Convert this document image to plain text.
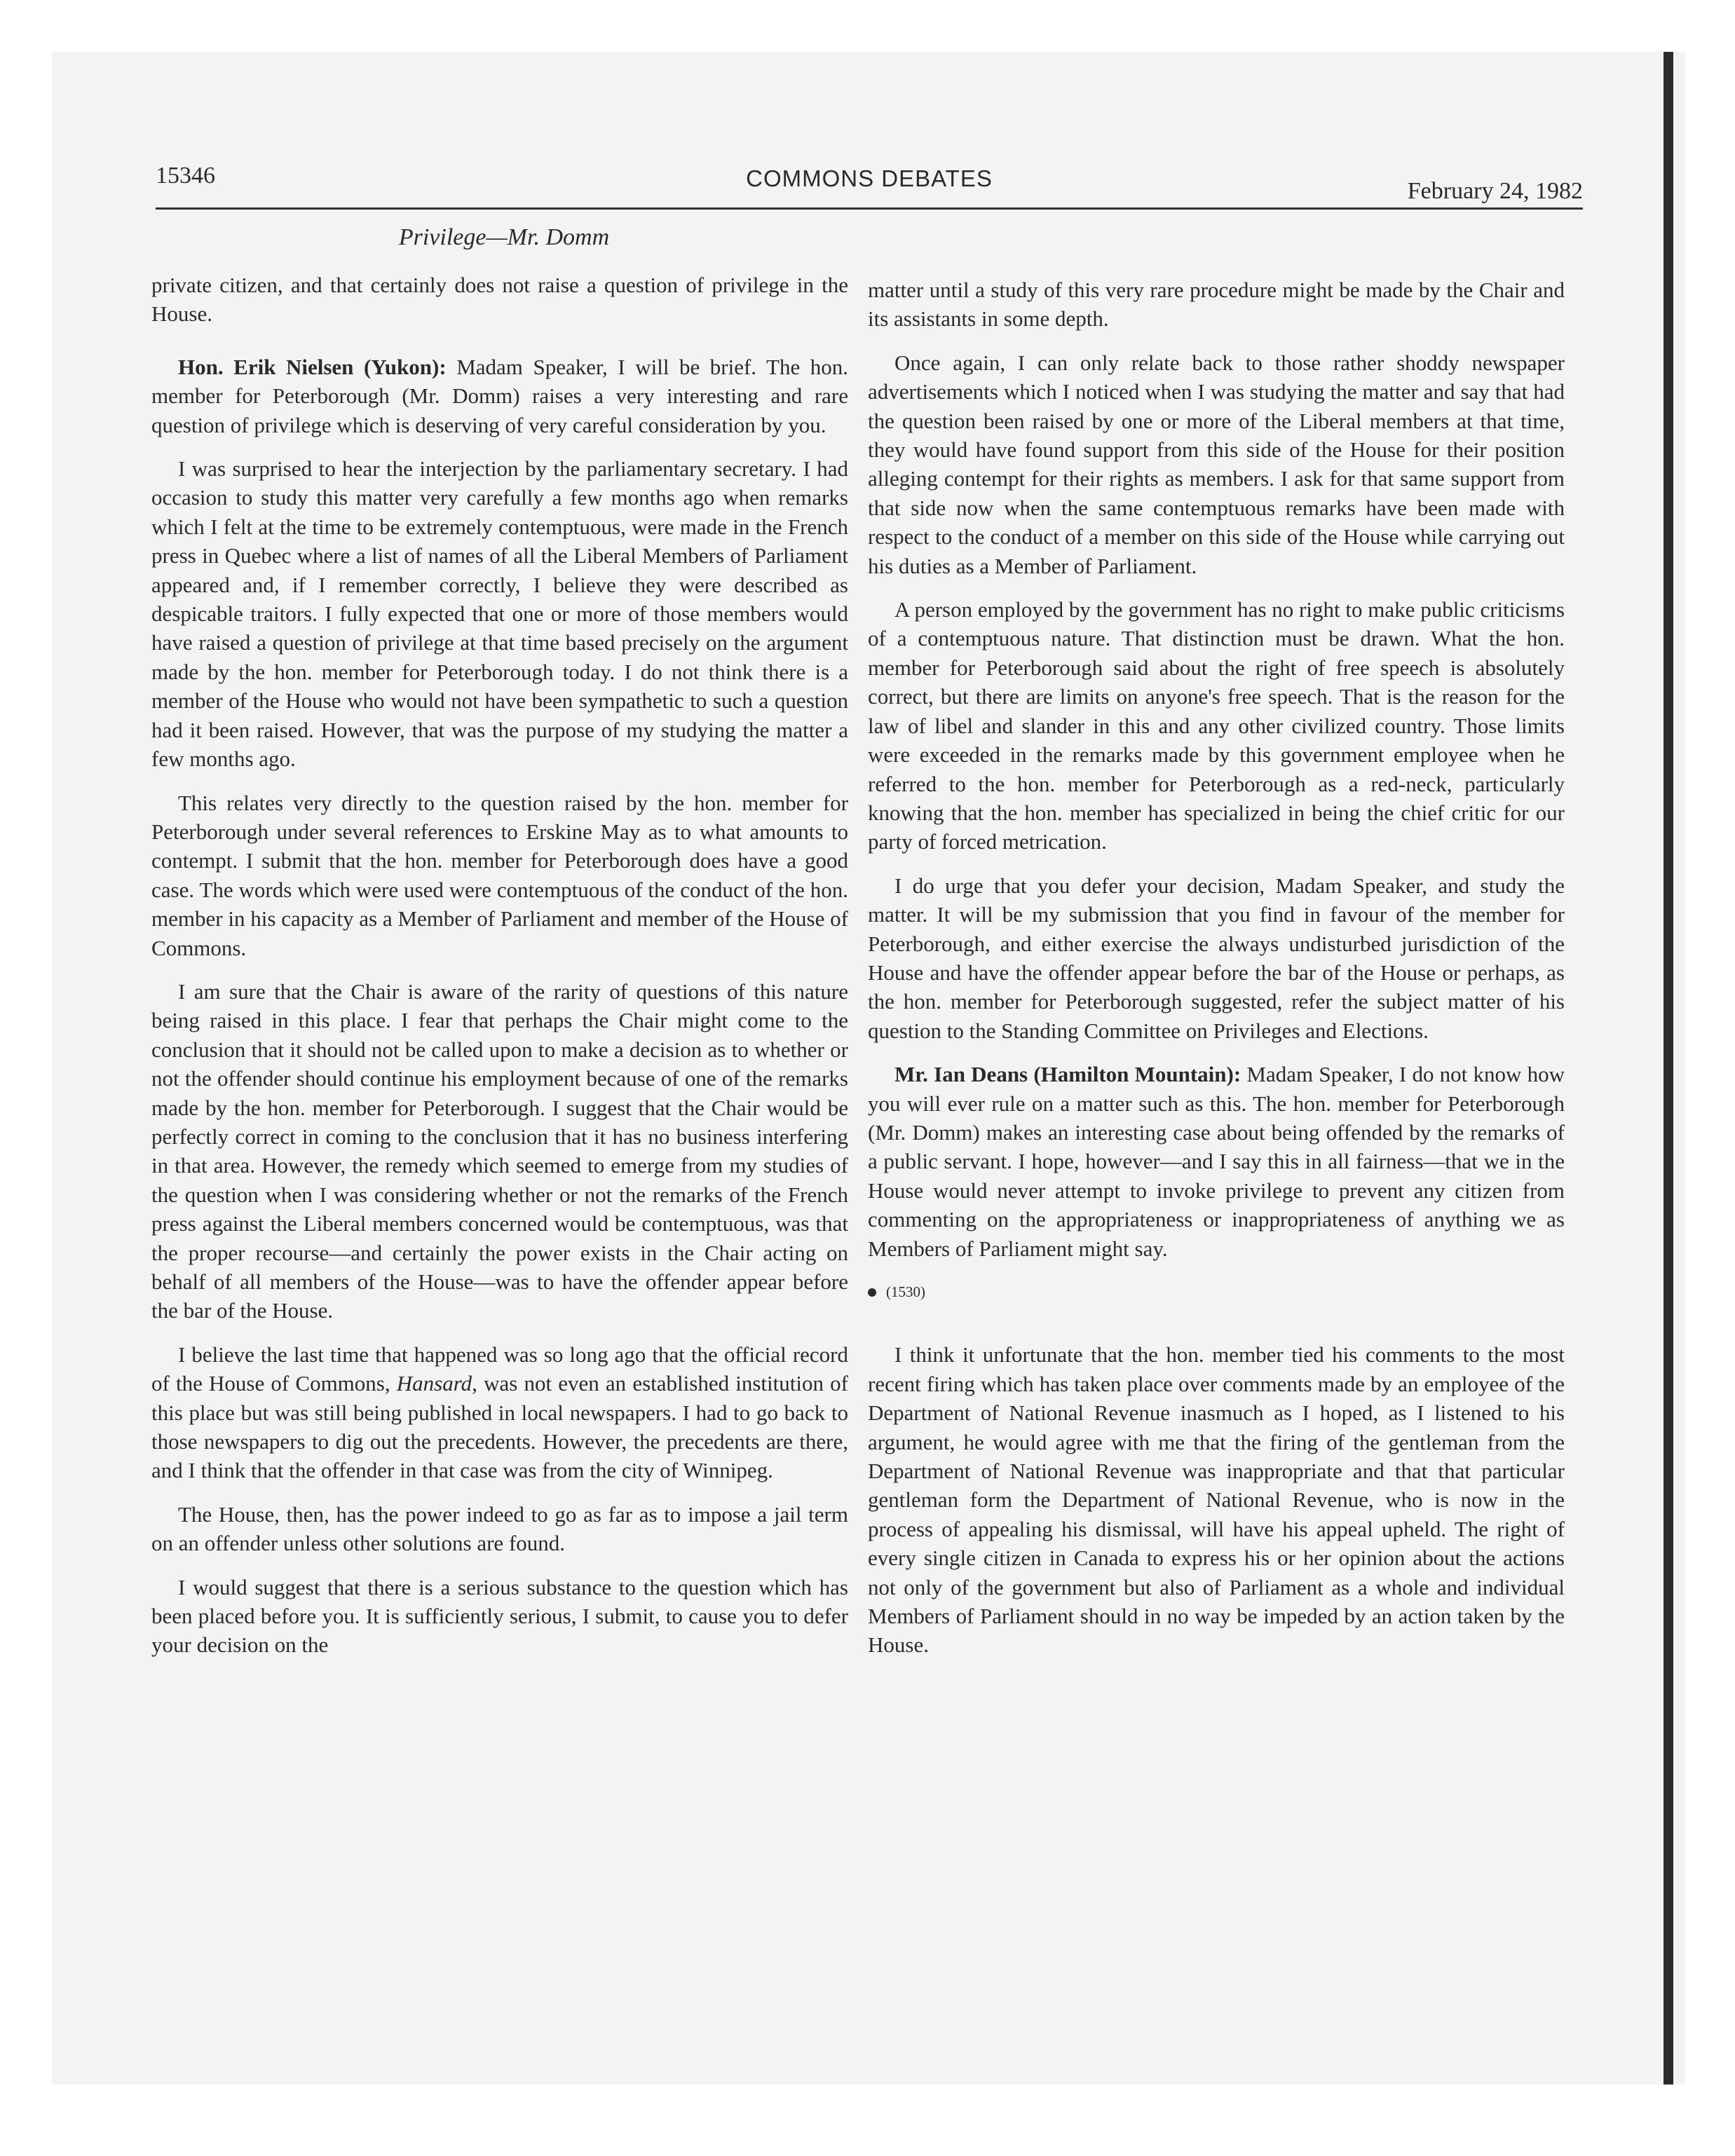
15346	COMMONS DEBATES	February 24, 1982
Privilege—Mr. Domm

private citizen, and that certainly does not raise a question of privilege in the House.

Hon. Erik Nielsen (Yukon): Madam Speaker, I will be brief. The hon. member for Peterborough (Mr. Domm) raises a very interesting and rare question of privilege which is deserving of very careful consideration by you.

I was surprised to hear the interjection by the parliamentary secretary. I had occasion to study this matter very carefully a few months ago when remarks which I felt at the time to be extremely contemptuous, were made in the French press in Quebec where a list of names of all the Liberal Members of Parliament appeared and, if I remember correctly, I believe they were described as despicable traitors. I fully expected that one or more of those members would have raised a question of privilege at that time based precisely on the argument made by the hon. member for Peterborough today. I do not think there is a member of the House who would not have been sympathetic to such a question had it been raised. However, that was the purpose of my studying the matter a few months ago.

This relates very directly to the question raised by the hon. member for Peterborough under several references to Erskine May as to what amounts to contempt. I submit that the hon. member for Peterborough does have a good case. The words which were used were contemptuous of the conduct of the hon. member in his capacity as a Member of Parliament and member of the House of Commons.

I am sure that the Chair is aware of the rarity of questions of this nature being raised in this place. I fear that perhaps the Chair might come to the conclusion that it should not be called upon to make a decision as to whether or not the offender should continue his employment because of one of the remarks made by the hon. member for Peterborough. I suggest that the Chair would be perfectly correct in coming to the conclusion that it has no business interfering in that area. However, the remedy which seemed to emerge from my studies of the question when I was considering whether or not the remarks of the French press against the Liberal members concerned would be contemptuous, was that the proper recourse—and certainly the power exists in the Chair acting on behalf of all members of the House—was to have the offender appear before the bar of the House.

I believe the last time that happened was so long ago that the official record of the House of Commons, Hansard, was not even an established institution of this place but was still being published in local newspapers. I had to go back to those newspapers to dig out the precedents. However, the precedents are there, and I think that the offender in that case was from the city of Winnipeg.

The House, then, has the power indeed to go as far as to impose a jail term on an offender unless other solutions are found.

I would suggest that there is a serious substance to the question which has been placed before you. It is sufficiently serious, I submit, to cause you to defer your decision on the

matter until a study of this very rare procedure might be made by the Chair and its assistants in some depth.

Once again, I can only relate back to those rather shoddy newspaper advertisements which I noticed when I was studying the matter and say that had the question been raised by one or more of the Liberal members at that time, they would have found support from this side of the House for their position alleging contempt for their rights as members. I ask for that same support from that side now when the same contemptuous remarks have been made with respect to the conduct of a member on this side of the House while carrying out his duties as a Member of Parliament.

A person employed by the government has no right to make public criticisms of a contemptuous nature. That distinction must be drawn. What the hon. member for Peterborough said about the right of free speech is absolutely correct, but there are limits on anyone's free speech. That is the reason for the law of libel and slander in this and any other civilized country. Those limits were exceeded in the remarks made by this government employee when he referred to the hon. member for Peterborough as a red-neck, particularly knowing that the hon. member has specialized in being the chief critic for our party of forced metrication.

I do urge that you defer your decision, Madam Speaker, and study the matter. It will be my submission that you find in favour of the member for Peterborough, and either exercise the always undisturbed jurisdiction of the House and have the offender appear before the bar of the House or perhaps, as the hon. member for Peterborough suggested, refer the subject matter of his question to the Standing Committee on Privileges and Elections.

Mr. Ian Deans (Hamilton Mountain): Madam Speaker, I do not know how you will ever rule on a matter such as this. The hon. member for Peterborough (Mr. Domm) makes an interesting case about being offended by the remarks of a public servant. I hope, however—and I say this in all fairness—that we in the House would never attempt to invoke privilege to prevent any citizen from commenting on the appropriateness or inappropriateness of anything we as Members of Parliament might say.

(1530)

I think it unfortunate that the hon. member tied his comments to the most recent firing which has taken place over comments made by an employee of the Department of National Revenue inasmuch as I hoped, as I listened to his argument, he would agree with me that the firing of the gentleman from the Department of National Revenue was inappropriate and that that particular gentleman form the Department of National Revenue, who is now in the process of appealing his dismissal, will have his appeal upheld. The right of every single citizen in Canada to express his or her opinion about the actions not only of the government but also of Parliament as a whole and individual Members of Parliament should in no way be impeded by an action taken by the House.
